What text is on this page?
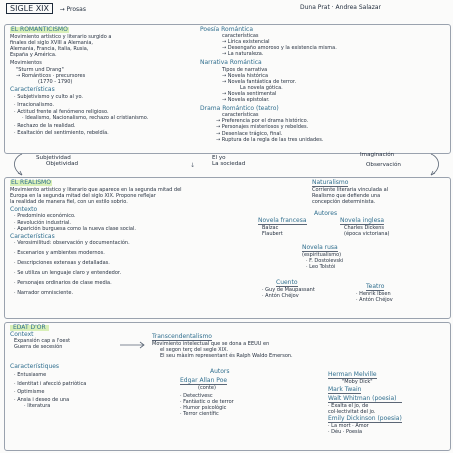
SIGLE XIX → Prosas	Duna Prat · Andrea Salazar
EL ROMANTICISMO
Movimiento artístico y literario surgido a
finales del siglo XVIII a Alemania,
Alemania, Francia, Italia, Rusia,
España y América.
Movimientos
"Sturm und Drang"
→ Románticos · precursores
(1770 - 1790)
Características
· Subjetivismo y culto al yo.
· Irracionalismo.
· Actitud frente al fenómeno religioso.
· Idealismo, Nacionalismo, rechazo al cristianismo.
· Rechazo de la realidad.
· Exaltación del sentimiento, rebeldía.
Poesía Romántica
características
→ Lírica existencial
→ Desengaño amoroso y la existencia misma.
→ La naturaleza.
Narrativa Romántica
Tipos de narrativa
→ Novela histórica
→ Novela fantástica de terror.
La novela gótica.
→ Novela sentimental
→ Novela epistolar.
Drama Romántico (teatro)
características
→ Preferencia por el drama histórico.
→ Personajes misteriosos y rebeldes.
→ Desenlace trágico, final.
→ Ruptura de la regla de las tres unidades.
Subjetividad
Objetividad
El yo
La sociedad
Imaginación
Observación
↓
EL REALISMO
Movimiento artístico y literario que aparece en la segunda mitad del
Europa en la segunda mitad del siglo XIX. Propone reflejar
la realidad de manera fiel, con un estilo sobrio.
Contexto
· Predominio económico.
· Revolución industrial.
· Aparición burguesa como la nueva clase social.
Características
· Verosimilitud: observación y documentación.
· Escenarios y ambientes modernos.
· Descripciones extensas y detalladas.
· Se utiliza un lenguaje claro y entendedor.
· Personajes ordinarios de clase media.
· Narrador omnisciente.
Naturalismo
Corriente literaria vinculada al
Realismo que defiende una
concepción determinista.
Autores
Novela francesa
Balzac
Flaubert
Novela inglesa
Charles Dickens
(época victoriana)
Novela rusa
(espiritualismo)
· F. Dostoievski
· Leo Tolstói
Cuento
· Guy de Maupassant
· Antón Chéjov
Teatro
· Henrik Ibsen
· Antón Chéjov
EDAT D'OR
Context
Expansión cap a l'oest
Guerra de secesión
Característiques
· Entusiasme
· Identitat i afecció patriòtica
· Optimisme
· Ansia i deseo de una
· literatura
Transcendentalismo
Movimiento intelectual que se dona a EEUU en
el segon terç del segle XIX.
El seu màxim representant és Ralph Waldo Emerson.
Autors
Edgar Allan Poe
(conte)
· Detectivesc
· Fantàstic o de terror
· Humor psicològic
· Terror científic
Herman Melville
"Moby Dick"
Mark Twain
Walt Whitman (poesia)
· Exalta el jo, de
col·lectivitat del jo.
Emily Dickinson (poesia)
· La mort · Amor
· Déu · Poesia
